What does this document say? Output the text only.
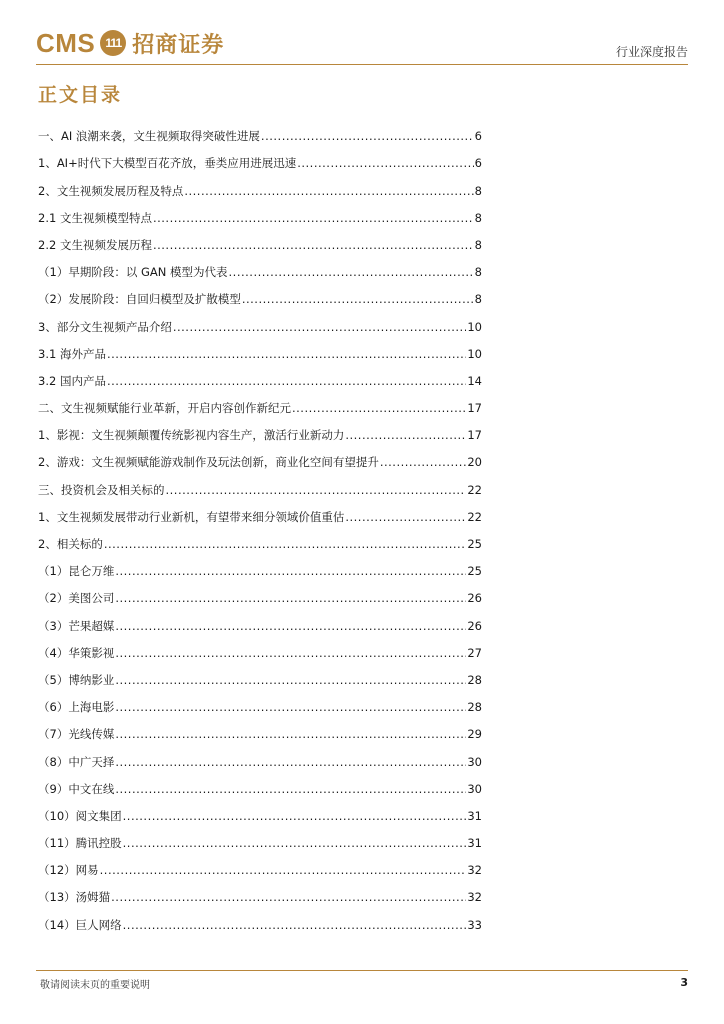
CMS 111 招商证券	行业深度报告
正文目录
一、AI 浪潮来袭，文生视频取得突破性进展 .....	6
1、AI+时代下大模型百花齐放，垂类应用进展迅速 .....	6
2、文生视频发展历程及特点 .....	8
2.1 文生视频模型特点 .....	8
2.2 文生视频发展历程 .....	8
（1）早期阶段：以 GAN 模型为代表 .....	8
（2）发展阶段：自回归模型及扩散模型 .....	8
3、部分文生视频产品介绍 .....	10
3.1 海外产品 .....	10
3.2 国内产品 .....	14
二、文生视频赋能行业革新，开启内容创作新纪元 .....	17
1、影视：文生视频颠覆传统影视内容生产，激活行业新动力 .....	17
2、游戏：文生视频赋能游戏制作及玩法创新，商业化空间有望提升 .....	20
三、投资机会及相关标的 .....	22
1、文生视频发展带动行业新机，有望带来细分领域价值重估 .....	22
2、相关标的 .....	25
（1）昆仑万维 .....	25
（2）美图公司 .....	26
（3）芒果超媒 .....	26
（4）华策影视 .....	27
（5）博纳影业 .....	28
（6）上海电影 .....	28
（7）光线传媒 .....	29
（8）中广天择 .....	30
（9）中文在线 .....	30
（10）阅文集团 .....	31
（11）腾讯控股 .....	31
（12）网易 .....	32
（13）汤姆猫 .....	32
（14）巨人网络 .....	33
敬请阅读末页的重要说明	3
